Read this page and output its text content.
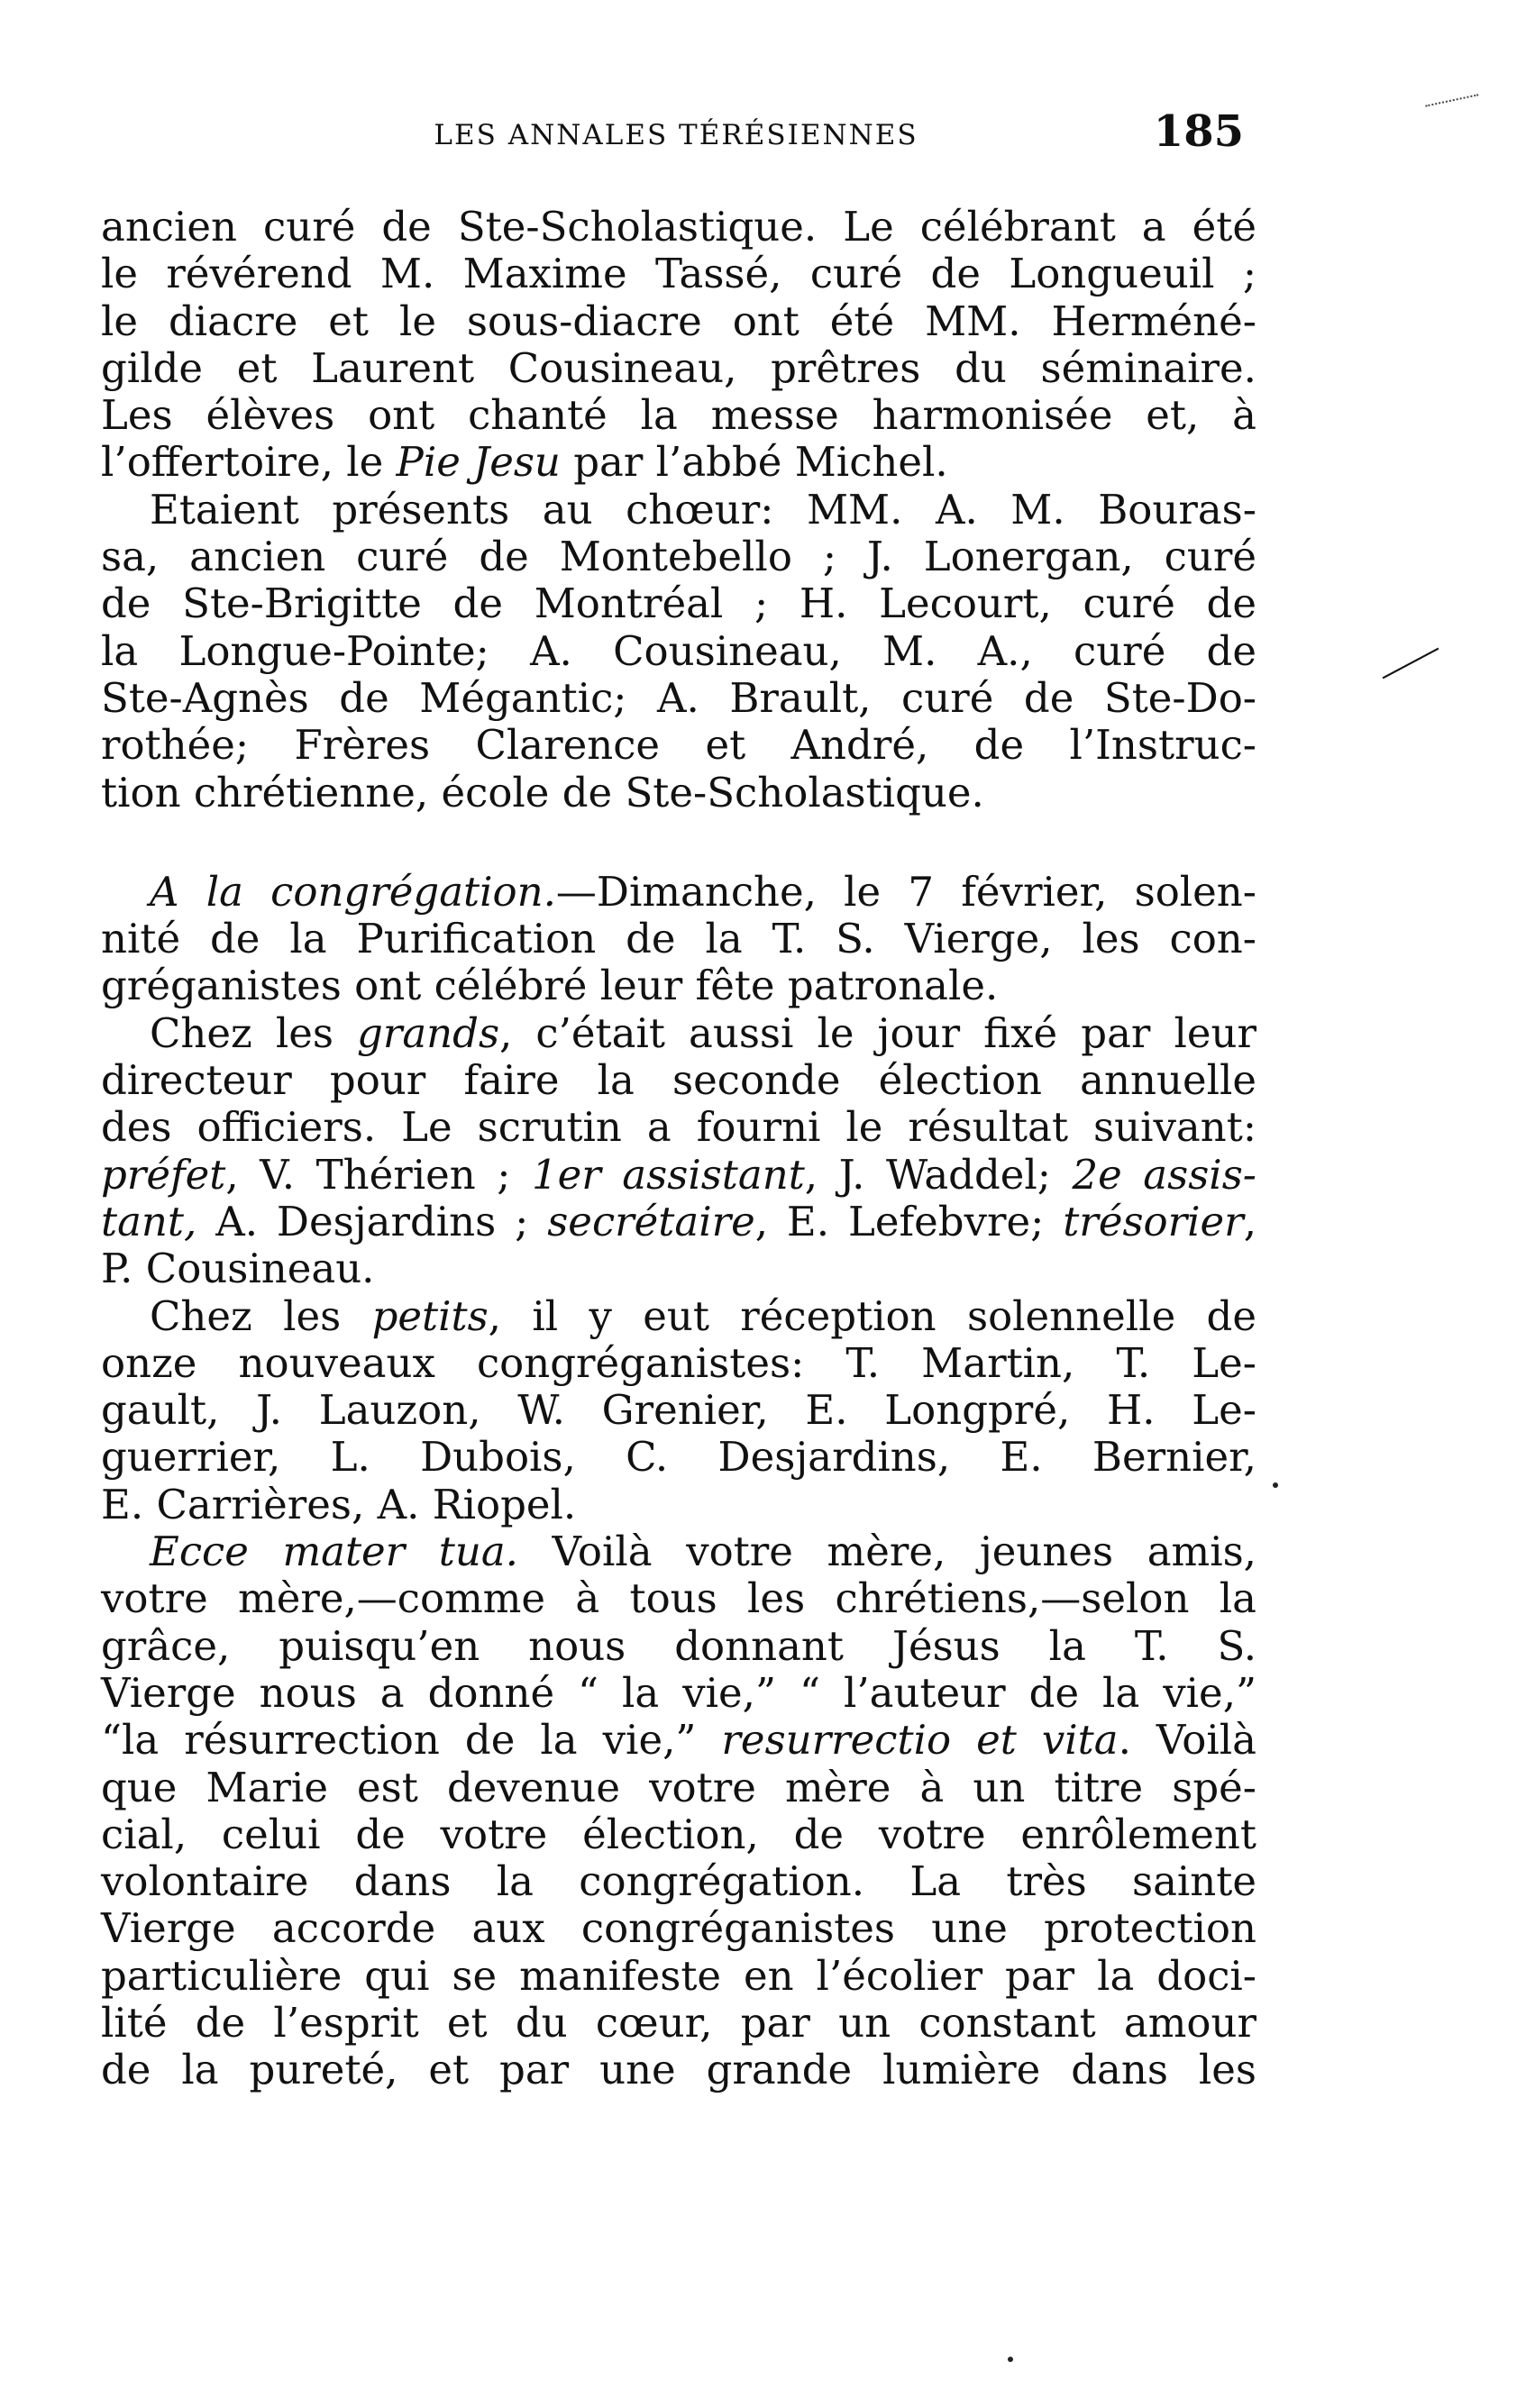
LES ANNALES TÉRÉSIENNES	185
ancien curé de Ste-Scholastique. Le célébrant a été
le révérend M. Maxime Tassé, curé de Longueuil ;
le diacre et le sous-diacre ont été MM. Herméné-
gilde et Laurent Cousineau, prêtres du séminaire.
Les élèves ont chanté la messe harmonisée et, à
l’offertoire, le Pie Jesu par l’abbé Michel.
Etaient présents au chœur: MM. A. M. Bouras-
sa, ancien curé de Montebello ; J. Lonergan, curé
de Ste-Brigitte de Montréal ; H. Lecourt, curé de
la Longue-Pointe; A. Cousineau, M. A., curé de
Ste-Agnès de Mégantic; A. Brault, curé de Ste-Do-
rothée; Frères Clarence et André, de l’Instruc-
tion chrétienne, école de Ste-Scholastique.
A la congrégation.—Dimanche, le 7 février, solen-
nité de la Purification de la T. S. Vierge, les con-
gréganistes ont célébré leur fête patronale.
Chez les grands, c’était aussi le jour fixé par leur
directeur pour faire la seconde élection annuelle
des officiers. Le scrutin a fourni le résultat suivant:
préfet, V. Thérien ; 1er assistant, J. Waddel; 2e assis-
tant, A. Desjardins ; secrétaire, E. Lefebvre; trésorier,
P. Cousineau.
Chez les petits, il y eut réception solennelle de
onze nouveaux congréganistes: T. Martin, T. Le-
gault, J. Lauzon, W. Grenier, E. Longpré, H. Le-
guerrier, L. Dubois, C. Desjardins, E. Bernier,
E. Carrières, A. Riopel.
Ecce mater tua. Voilà votre mère, jeunes amis,
votre mère,—comme à tous les chrétiens,—selon la
grâce, puisqu’en nous donnant Jésus la T. S.
Vierge nous a donné “ la vie,” “ l’auteur de la vie,”
“la résurrection de la vie,” resurrectio et vita. Voilà
que Marie est devenue votre mère à un titre spé-
cial, celui de votre élection, de votre enrôlement
volontaire dans la congrégation. La très sainte
Vierge accorde aux congréganistes une protection
particulière qui se manifeste en l’écolier par la doci-
lité de l’esprit et du cœur, par un constant amour
de la pureté, et par une grande lumière dans les
